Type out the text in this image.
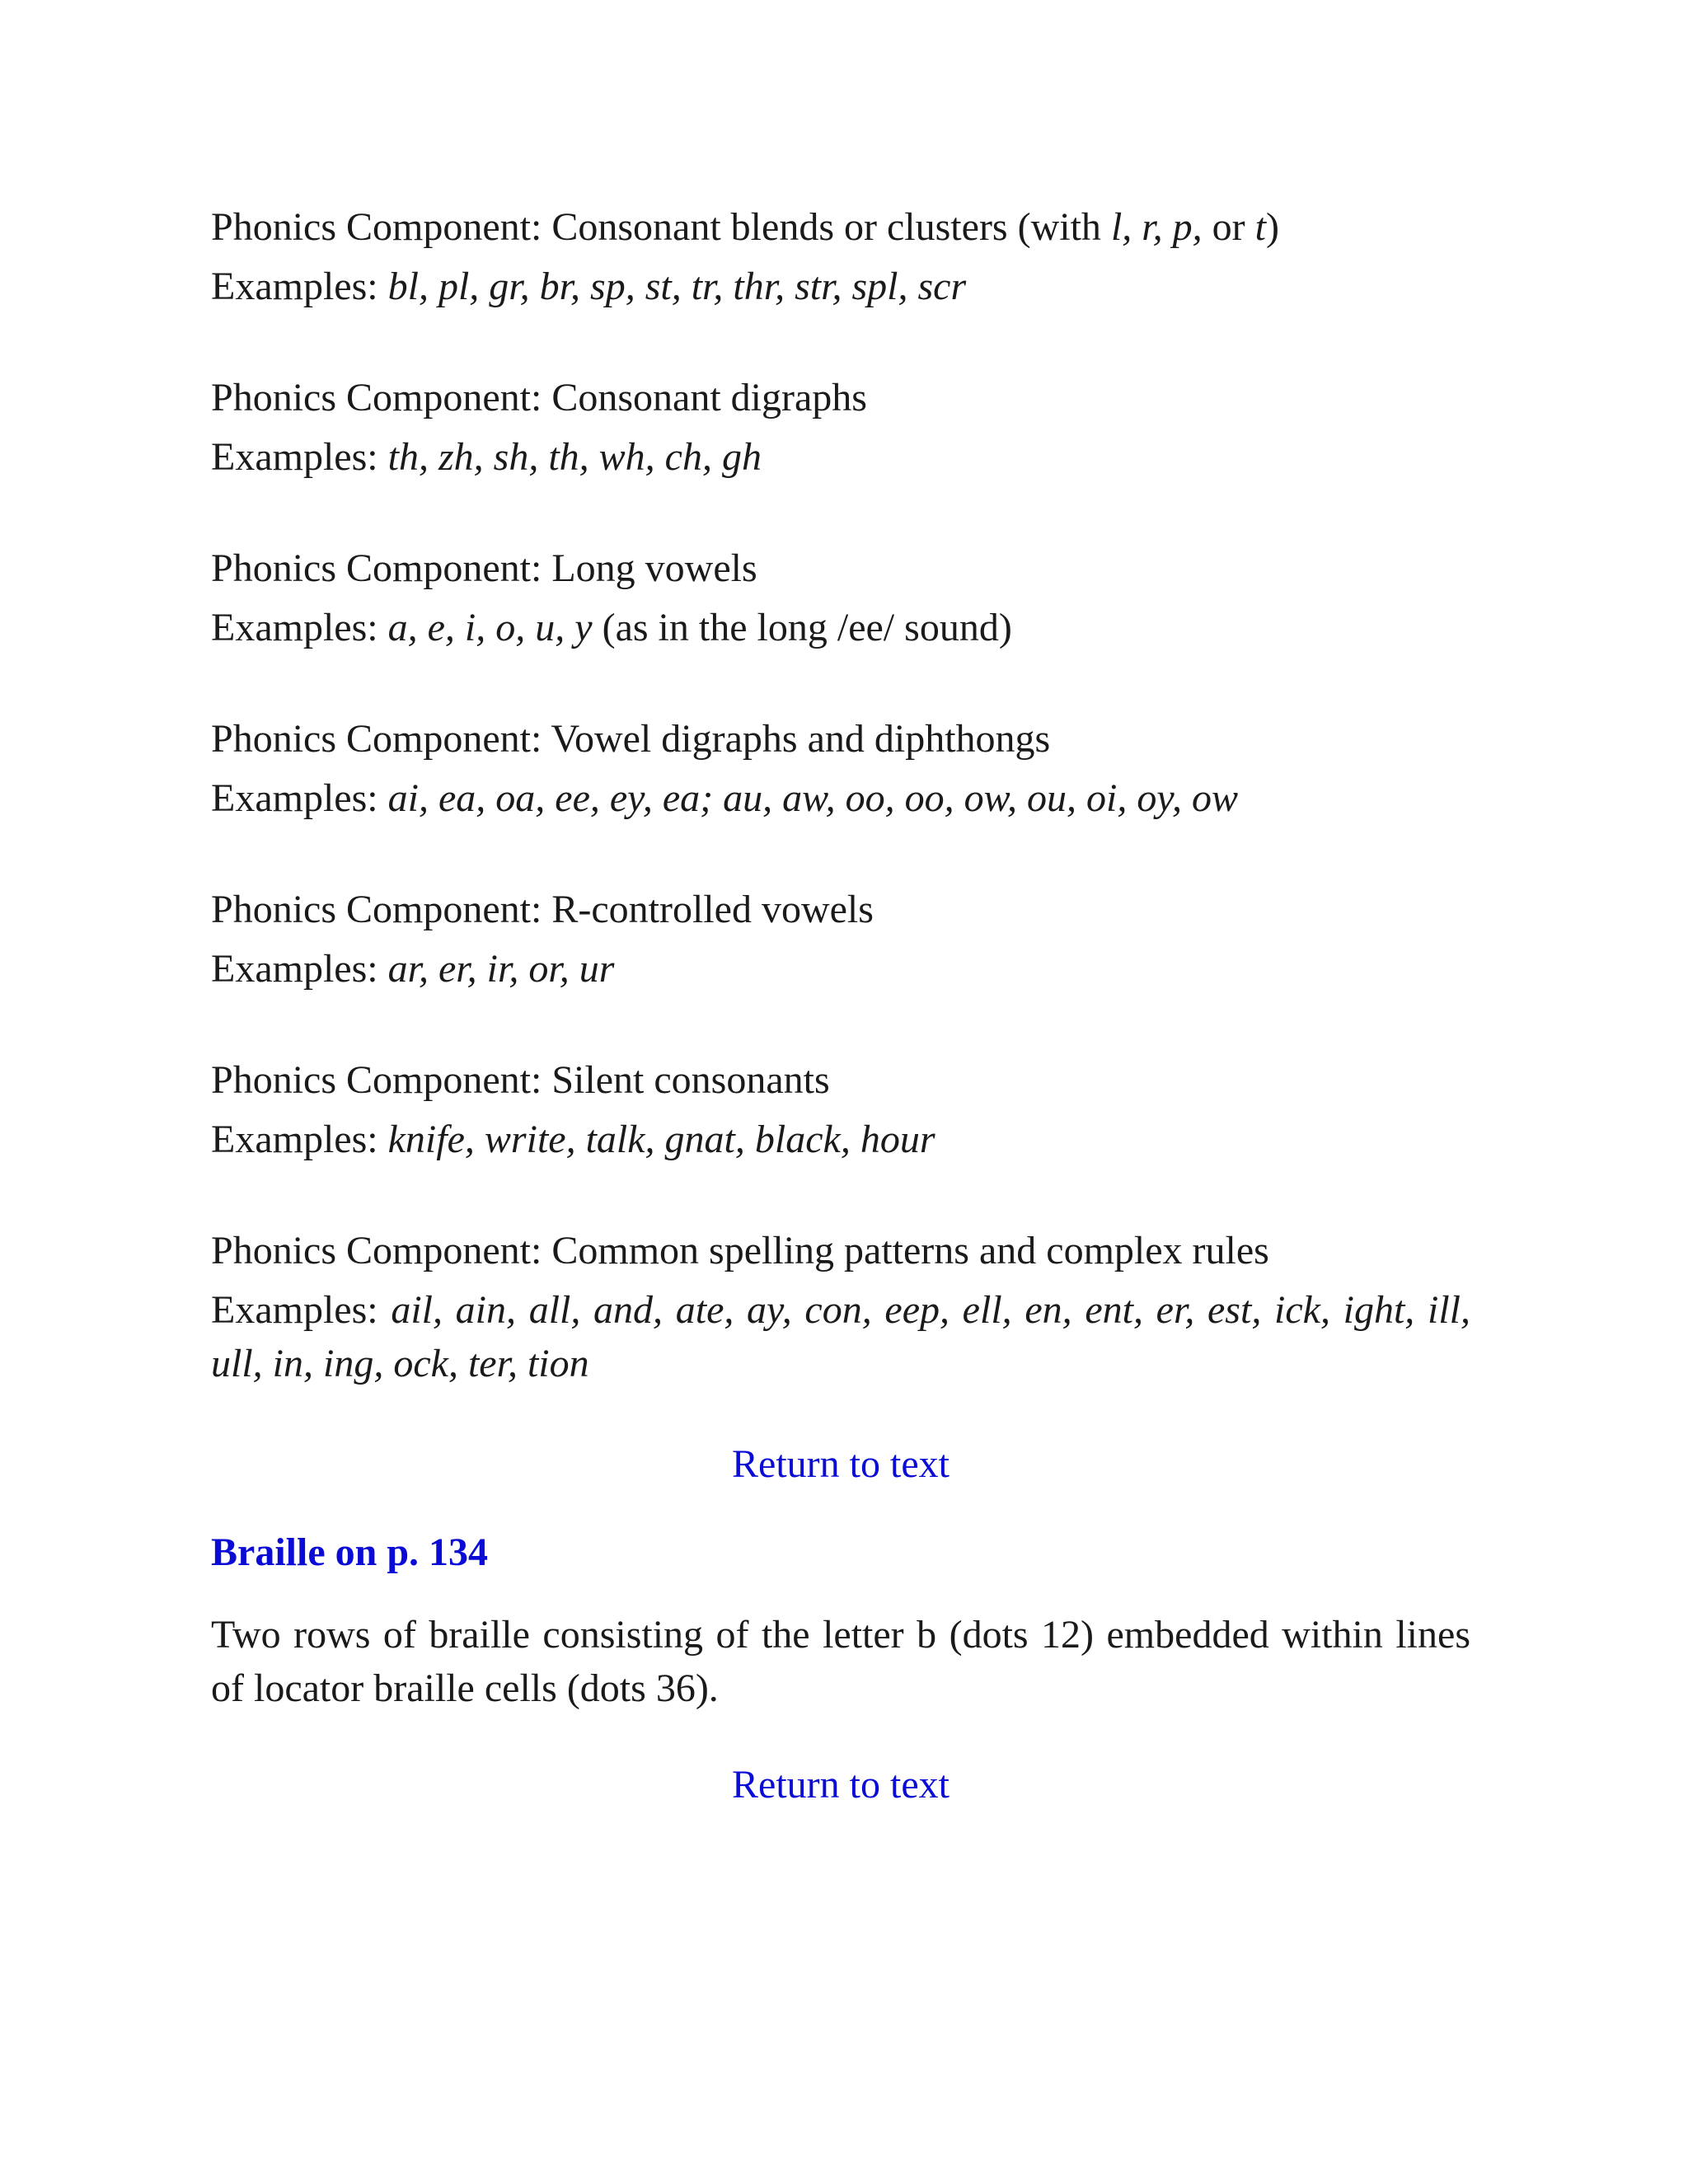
Phonics Component: Consonant blends or clusters (with l, r, p, or t)

Examples: bl, pl, gr, br, sp, st, tr, thr, str, spl, scr

Phonics Component: Consonant digraphs

Examples: th, zh, sh, th, wh, ch, gh

Phonics Component: Long vowels

Examples: a, e, i, o, u, y (as in the long /ee/ sound)

Phonics Component: Vowel digraphs and diphthongs

Examples: ai, ea, oa, ee, ey, ea; au, aw, oo, oo, ow, ou, oi, oy, ow

Phonics Component: R-controlled vowels

Examples: ar, er, ir, or, ur

Phonics Component: Silent consonants

Examples: knife, write, talk, gnat, black, hour

Phonics Component: Common spelling patterns and complex rules

Examples: ail, ain, all, and, ate, ay, con, eep, ell, en, ent, er, est, ick, ight, ill, ull, in, ing, ock, ter, tion

Return to text
Braille on p. 134

Two rows of braille consisting of the letter b (dots 12) embedded within lines of locator braille cells (dots 36).

Return to text
